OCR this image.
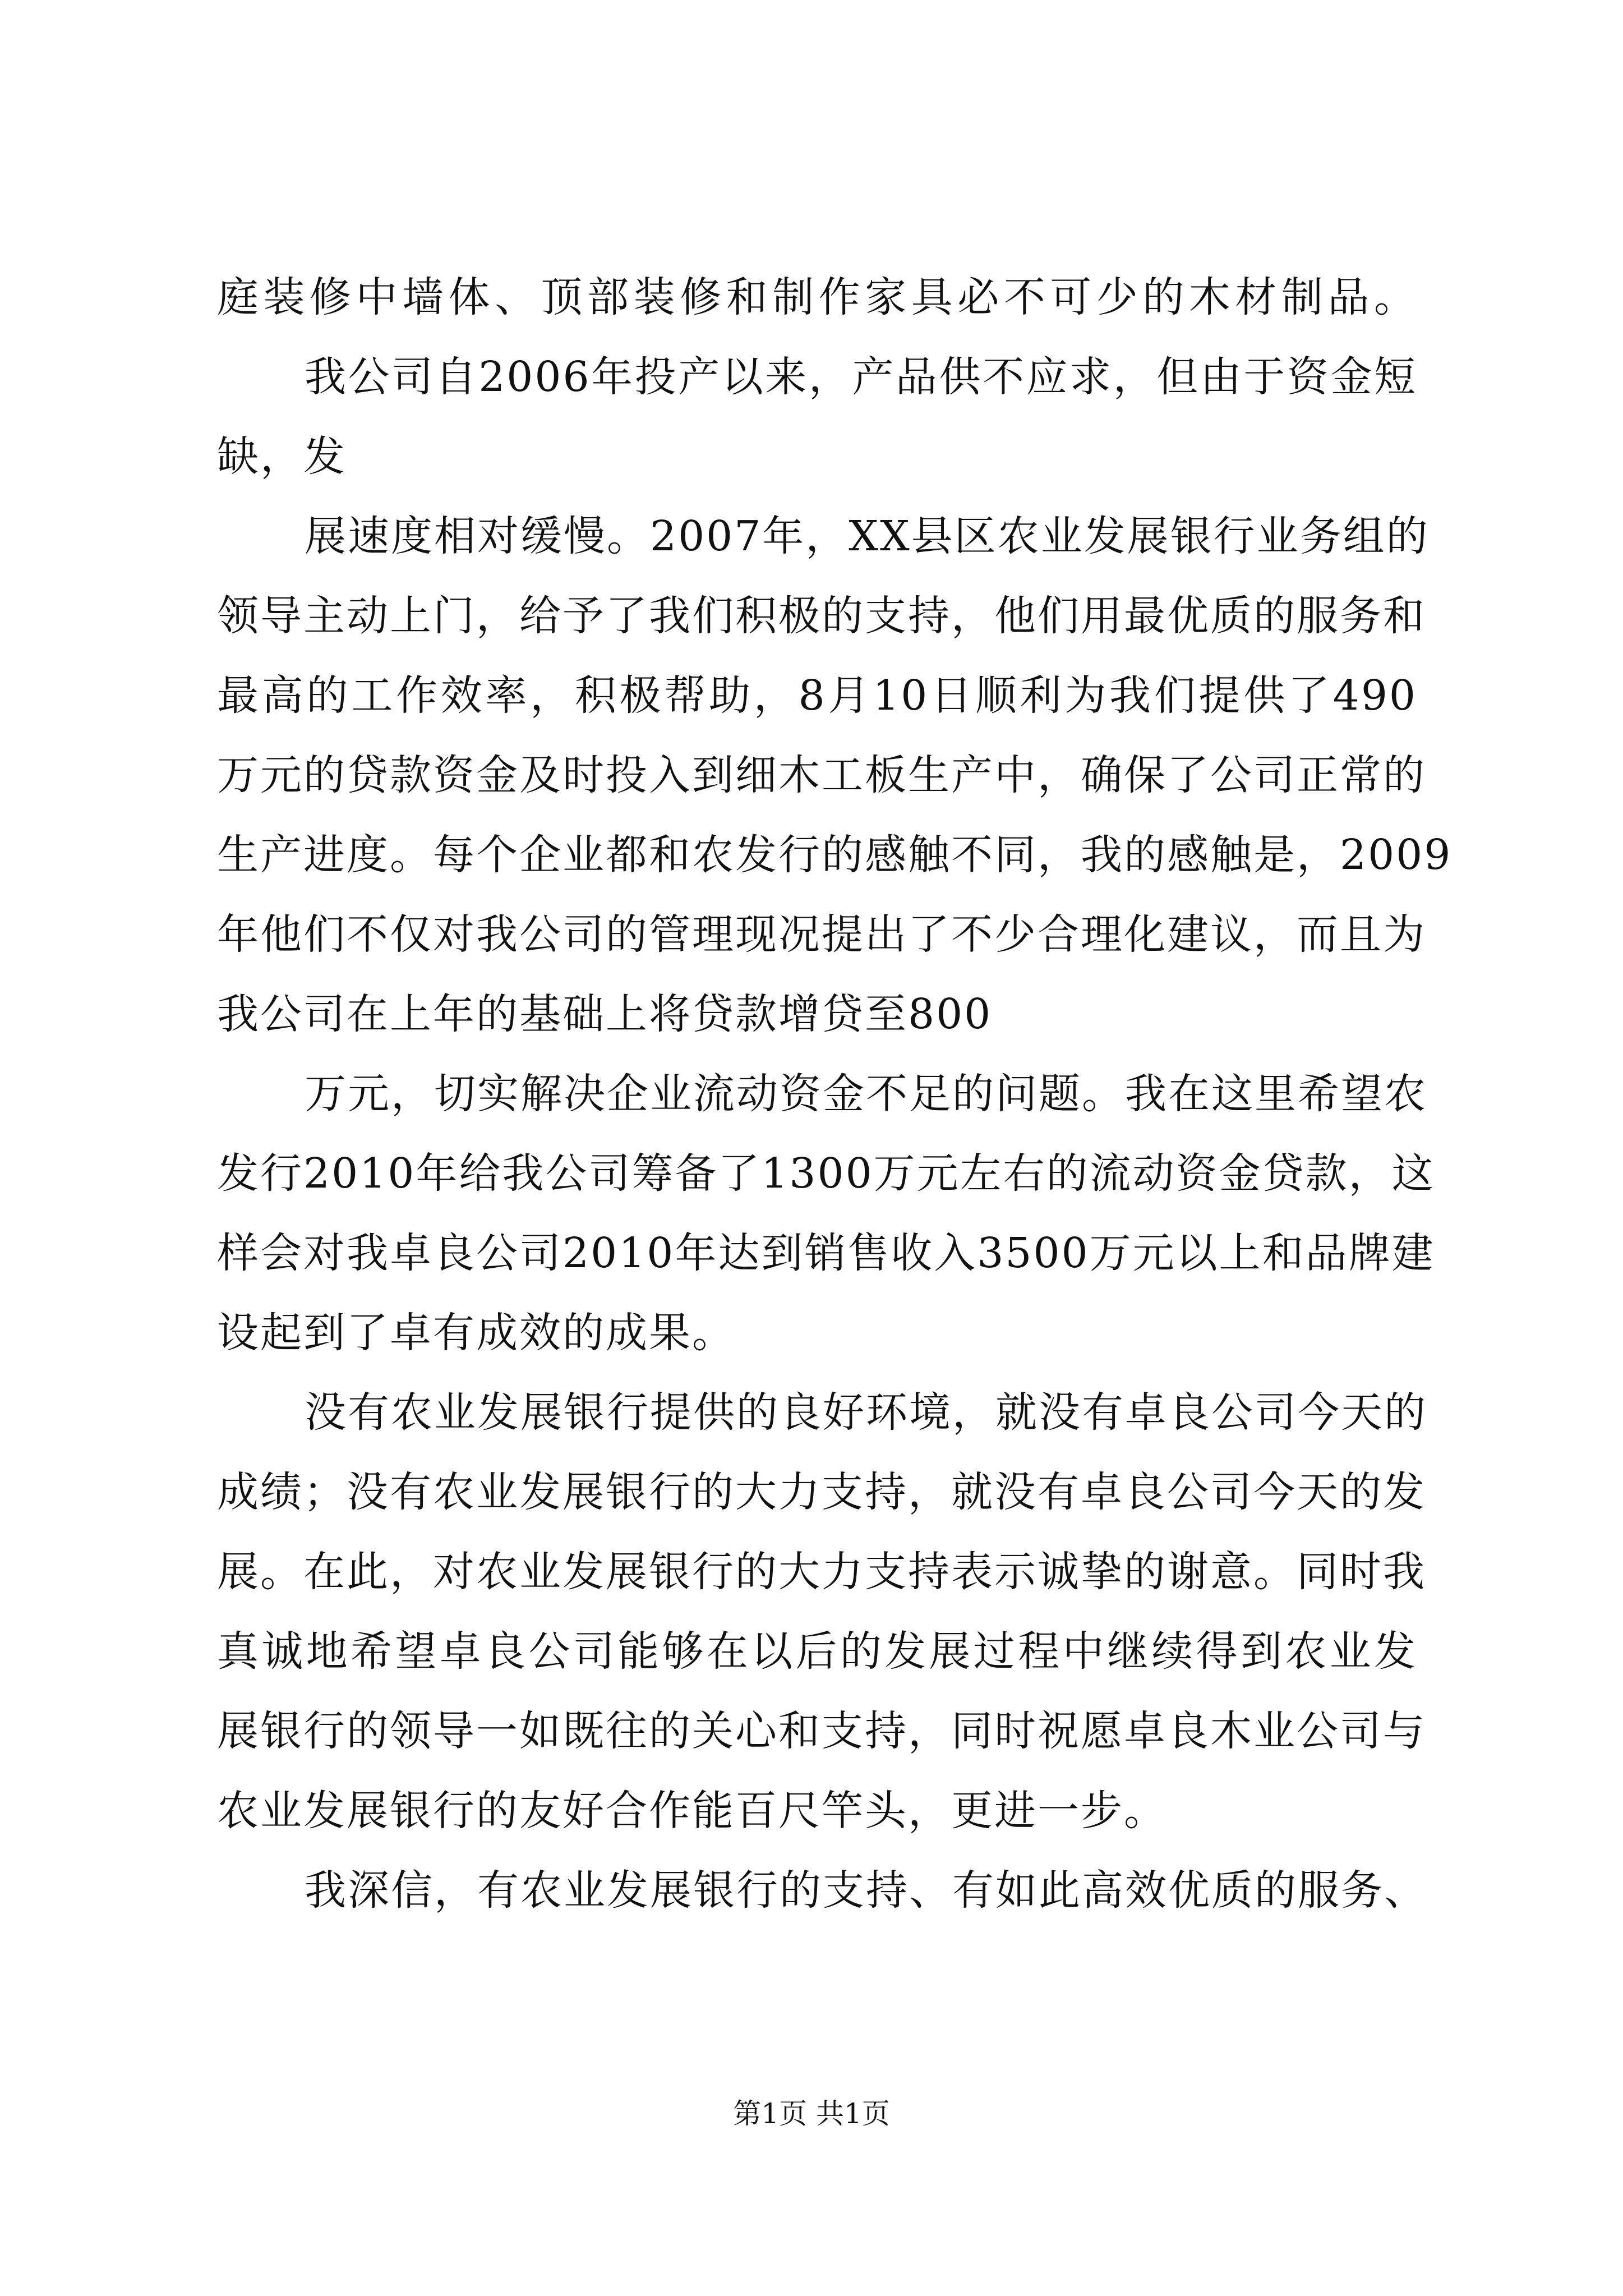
庭装修中墙体、顶部装修和制作家具必不可少的木材制品。
我公司自2006年投产以来，产品供不应求，但由于资金短
缺，发
展速度相对缓慢。2007年，XX县区农业发展银行业务组的
领导主动上门，给予了我们积极的支持，他们用最优质的服务和
最高的工作效率，积极帮助，8月10日顺利为我们提供了490
万元的贷款资金及时投入到细木工板生产中，确保了公司正常的
生产进度。每个企业都和农发行的感触不同，我的感触是，2009
年他们不仅对我公司的管理现况提出了不少合理化建议，而且为
我公司在上年的基础上将贷款增贷至800
万元，切实解决企业流动资金不足的问题。我在这里希望农
发行2010年给我公司筹备了1300万元左右的流动资金贷款，这
样会对我卓良公司2010年达到销售收入3500万元以上和品牌建
设起到了卓有成效的成果。
没有农业发展银行提供的良好环境，就没有卓良公司今天的
成绩；没有农业发展银行的大力支持，就没有卓良公司今天的发
展。在此，对农业发展银行的大力支持表示诚挚的谢意。同时我
真诚地希望卓良公司能够在以后的发展过程中继续得到农业发
展银行的领导一如既往的关心和支持，同时祝愿卓良木业公司与
农业发展银行的友好合作能百尺竿头，更进一步。
我深信，有农业发展银行的支持、有如此高效优质的服务、
第1页 共1页
